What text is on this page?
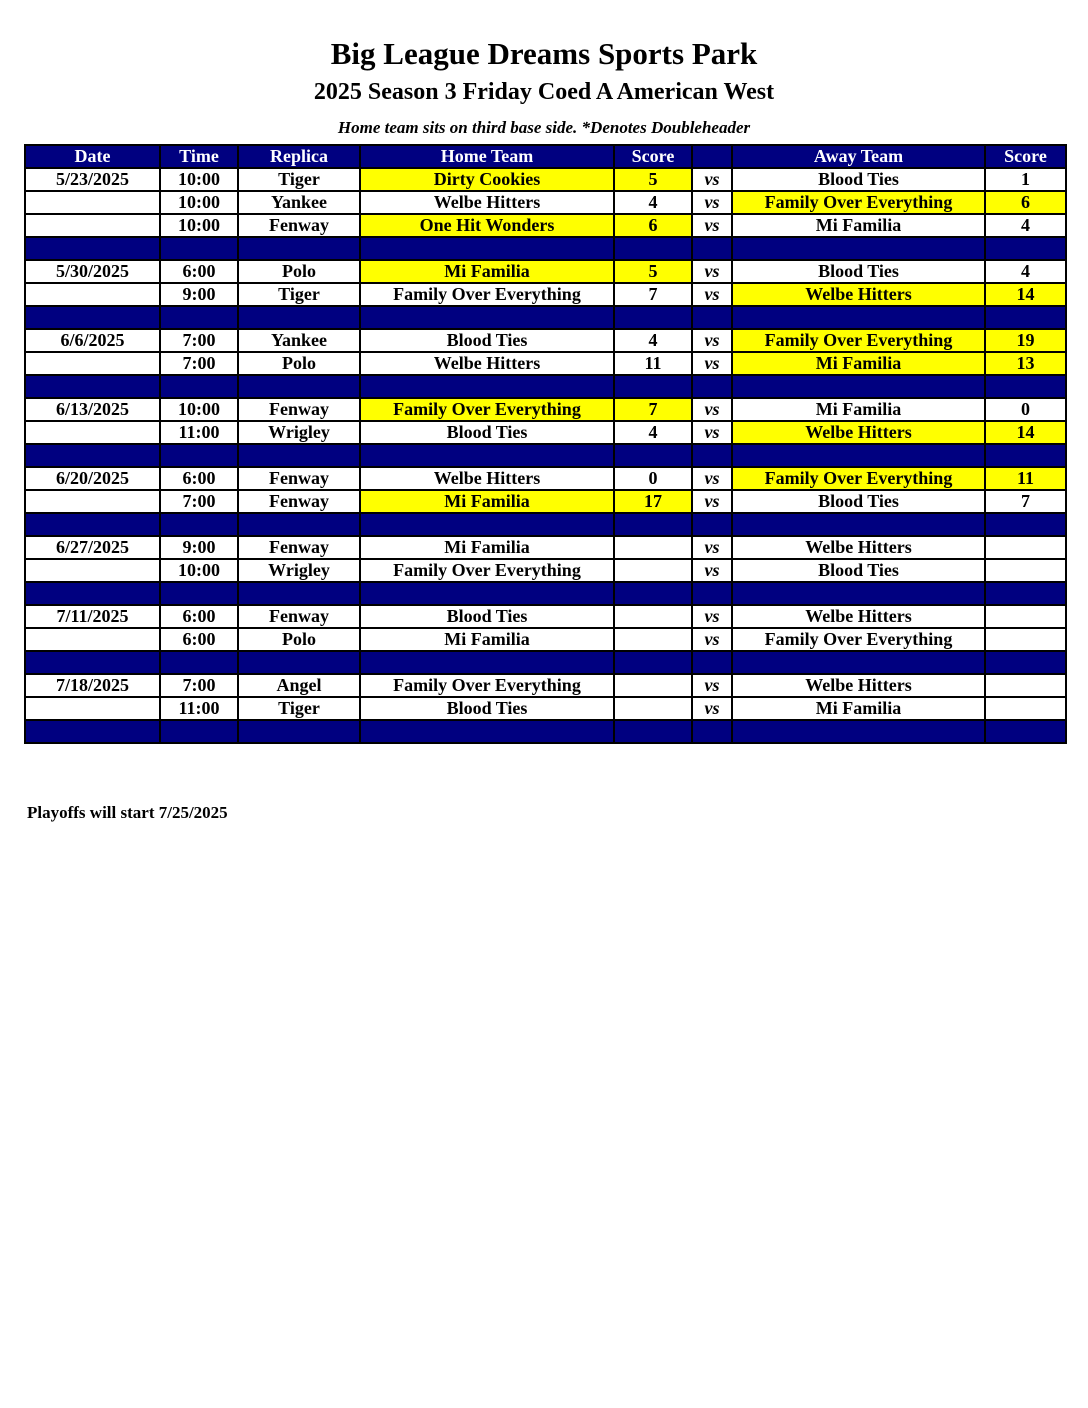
Big League Dreams Sports Park
2025 Season 3 Friday Coed A American West
Home team sits on third base side. *Denotes Doubleheader
Date	Time	Replica	Home Team	Score		Away Team	Score
5/23/2025	10:00	Tiger	Dirty Cookies	5	vs	Blood Ties	1
	10:00	Yankee	Welbe Hitters	4	vs	Family Over Everything	6
	10:00	Fenway	One Hit Wonders	6	vs	Mi Familia	4

5/30/2025	6:00	Polo	Mi Familia	5	vs	Blood Ties	4
	9:00	Tiger	Family Over Everything	7	vs	Welbe Hitters	14

6/6/2025	7:00	Yankee	Blood Ties	4	vs	Family Over Everything	19
	7:00	Polo	Welbe Hitters	11	vs	Mi Familia	13

6/13/2025	10:00	Fenway	Family Over Everything	7	vs	Mi Familia	0
	11:00	Wrigley	Blood Ties	4	vs	Welbe Hitters	14

6/20/2025	6:00	Fenway	Welbe Hitters	0	vs	Family Over Everything	11
	7:00	Fenway	Mi Familia	17	vs	Blood Ties	7

6/27/2025	9:00	Fenway	Mi Familia		vs	Welbe Hitters	
	10:00	Wrigley	Family Over Everything		vs	Blood Ties	

7/11/2025	6:00	Fenway	Blood Ties		vs	Welbe Hitters	
	6:00	Polo	Mi Familia		vs	Family Over Everything	

7/18/2025	7:00	Angel	Family Over Everything		vs	Welbe Hitters	
	11:00	Tiger	Blood Ties		vs	Mi Familia	

Playoffs will start 7/25/2025
